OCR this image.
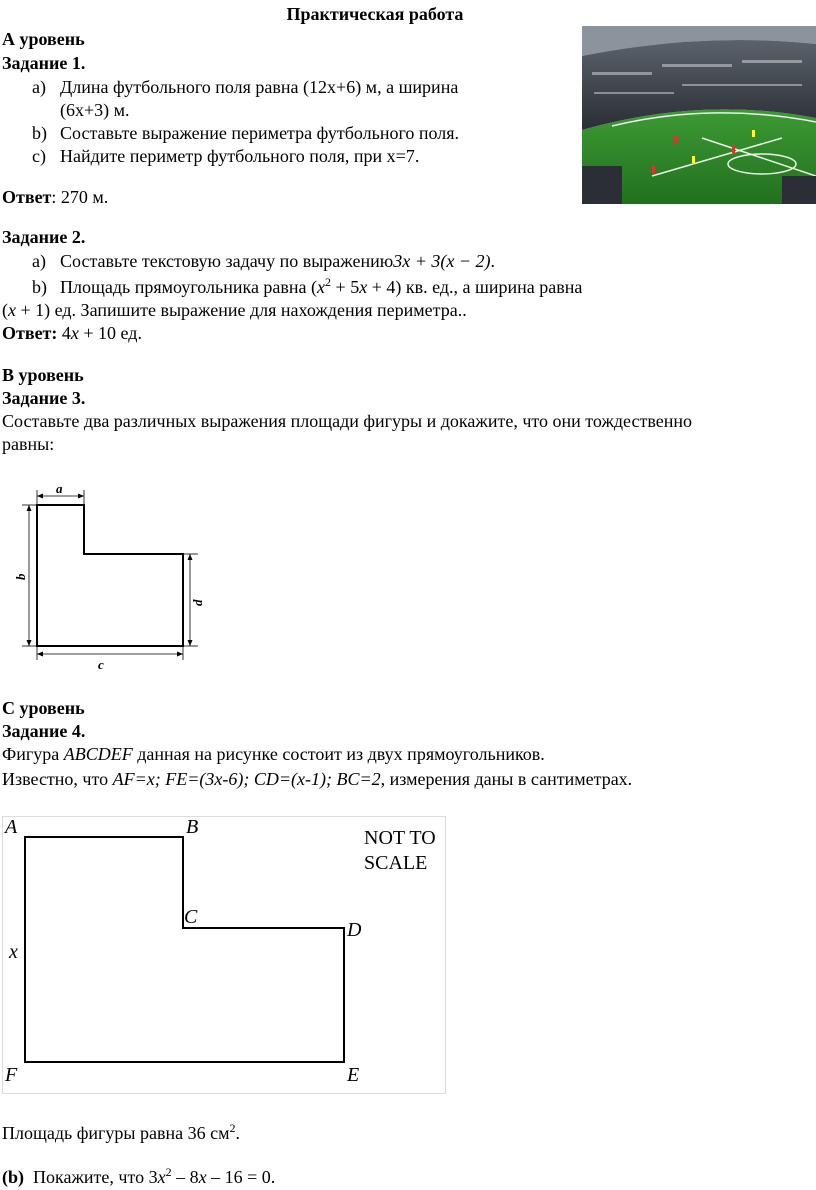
Практическая работа
А уровень
Задание 1.
a) Длина футбольного поля равна (12х+6) м, а ширина
(6х+3) м.
b) Составьте выражение периметра футбольного поля.
c) Найдите периметр футбольного поля, при х=7.
Ответ: 270 м.
Задание 2.
a) Составьте текстовую задачу по выражению3x + 3(x − 2).
b) Площадь прямоугольника равна $(x^2 + 5x + 4)$ кв. ед., а ширина равна
(x + 1) ед. Запишите выражение для нахождения периметра..
Ответ: 4x + 10 ед.
В уровень
Задание 3.
Составьте два различных выражения площади фигуры и докажите, что они тождественно
равны:
a
b
d
c
С уровень
Задание 4.
Фигура ABCDEF данная на рисунке состоит из двух прямоугольников.
Известно, что AF=x; FE=(3x-6); CD=(x-1); BC=2, измерения даны в сантиметрах.
A	B
C
D
E
F
x
NOT TO
SCALE
Площадь фигуры равна 36 $см^2$.
(b) Покажите, что $3x^2 - 8x - 16 = 0$.
